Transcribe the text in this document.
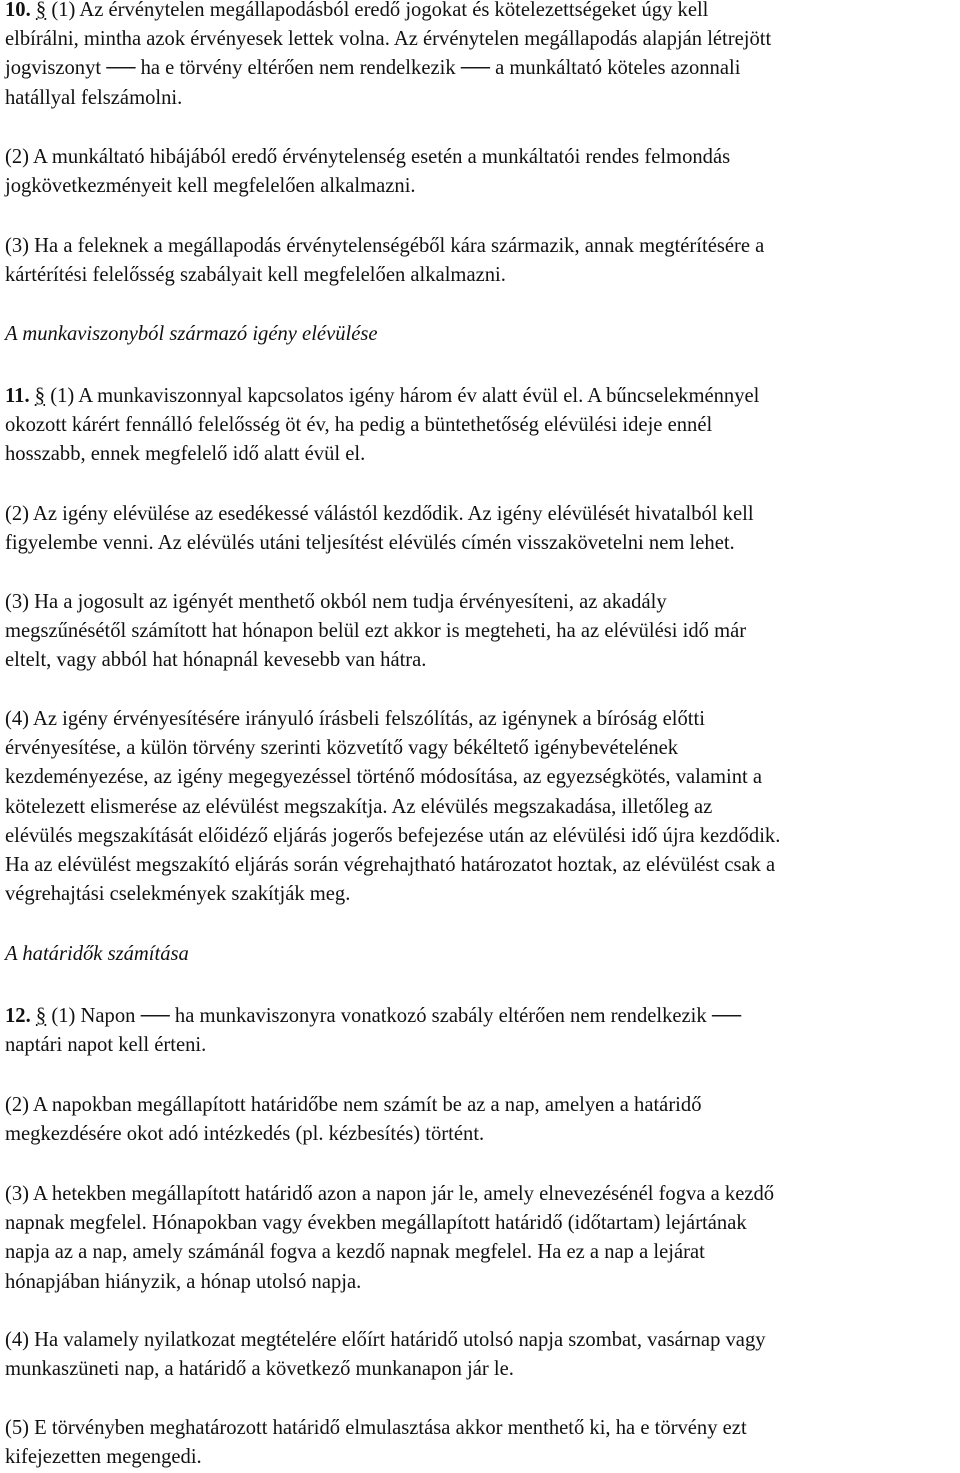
10. § (1) Az érvénytelen megállapodásból eredő jogokat és kötelezettségeket úgy kell
elbírálni, mintha azok érvényesek lettek volna. Az érvénytelen megállapodás alapján létrejött
jogviszonyt ── ha e törvény eltérően nem rendelkezik ── a munkáltató köteles azonnali
hatállyal felszámolni.
(2) A munkáltató hibájából eredő érvénytelenség esetén a munkáltatói rendes felmondás
jogkövetkezményeit kell megfelelően alkalmazni.
(3) Ha a feleknek a megállapodás érvénytelenségéből kára származik, annak megtérítésére a
kártérítési felelősség szabályait kell megfelelően alkalmazni.
A munkaviszonyból származó igény elévülése
11. § (1) A munkaviszonnyal kapcsolatos igény három év alatt évül el. A bűncselekménnyel
okozott kárért fennálló felelősség öt év, ha pedig a büntethetőség elévülési ideje ennél
hosszabb, ennek megfelelő idő alatt évül el.
(2) Az igény elévülése az esedékessé válástól kezdődik. Az igény elévülését hivatalból kell
figyelembe venni. Az elévülés utáni teljesítést elévülés címén visszakövetelni nem lehet.
(3) Ha a jogosult az igényét menthető okból nem tudja érvényesíteni, az akadály
megszűnésétől számított hat hónapon belül ezt akkor is megteheti, ha az elévülési idő már
eltelt, vagy abból hat hónapnál kevesebb van hátra.
(4) Az igény érvényesítésére irányuló írásbeli felszólítás, az igénynek a bíróság előtti
érvényesítése, a külön törvény szerinti közvetítő vagy békéltető igénybevételének
kezdeményezése, az igény megegyezéssel történő módosítása, az egyezségkötés, valamint a
kötelezett elismerése az elévülést megszakítja. Az elévülés megszakadása, illetőleg az
elévülés megszakítását előidéző eljárás jogerős befejezése után az elévülési idő újra kezdődik.
Ha az elévülést megszakító eljárás során végrehajtható határozatot hoztak, az elévülést csak a
végrehajtási cselekmények szakítják meg.
A határidők számítása
12. § (1) Napon ── ha munkaviszonyra vonatkozó szabály eltérően nem rendelkezik ──
naptári napot kell érteni.
(2) A napokban megállapított határidőbe nem számít be az a nap, amelyen a határidő
megkezdésére okot adó intézkedés (pl. kézbesítés) történt.
(3) A hetekben megállapított határidő azon a napon jár le, amely elnevezésénél fogva a kezdő
napnak megfelel. Hónapokban vagy években megállapított határidő (időtartam) lejártának
napja az a nap, amely számánál fogva a kezdő napnak megfelel. Ha ez a nap a lejárat
hónapjában hiányzik, a hónap utolsó napja.
(4) Ha valamely nyilatkozat megtételére előírt határidő utolsó napja szombat, vasárnap vagy
munkaszüneti nap, a határidő a következő munkanapon jár le.
(5) E törvényben meghatározott határidő elmulasztása akkor menthető ki, ha e törvény ezt
kifejezetten megengedi.
